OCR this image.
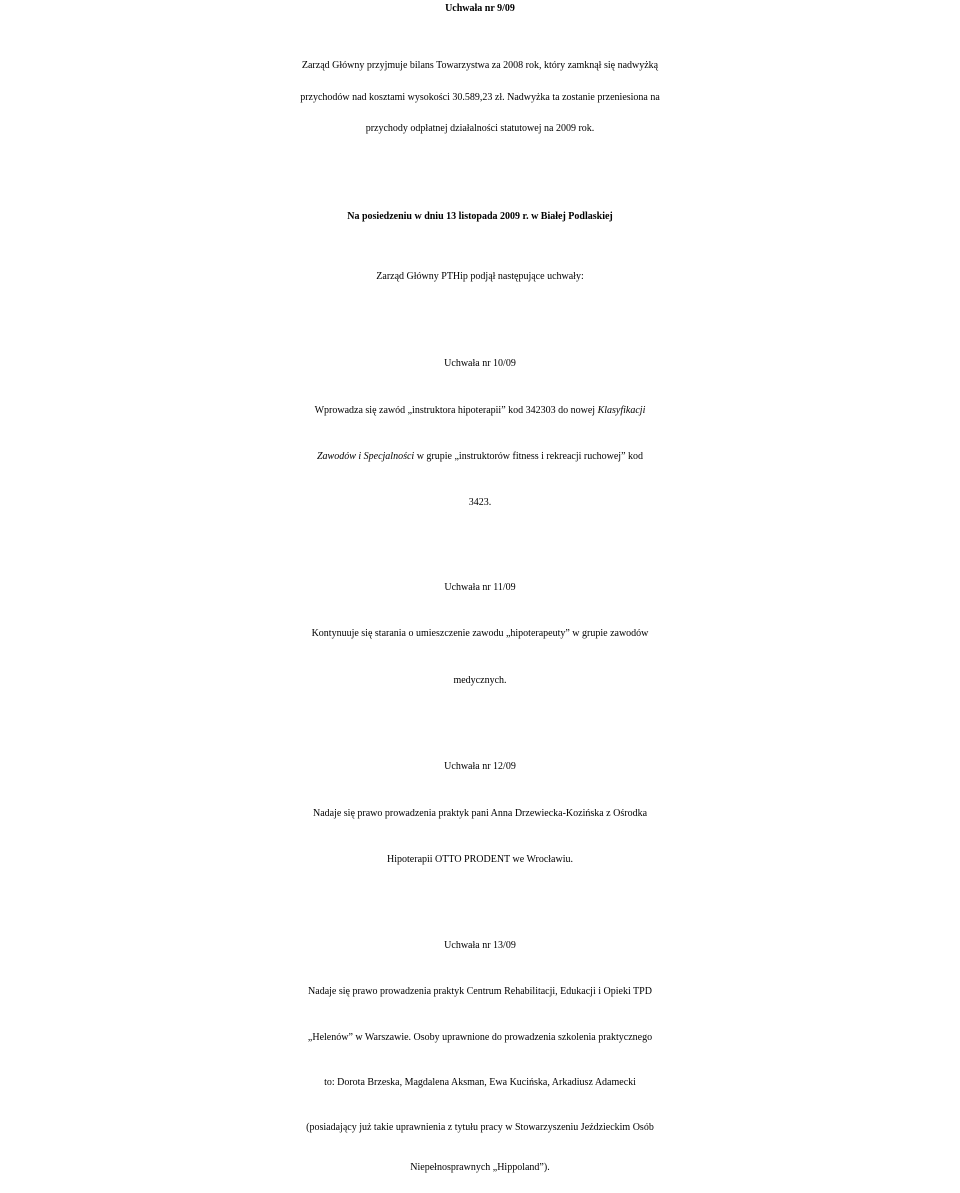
Uchwała nr 9/09
Zarząd Główny przyjmuje bilans Towarzystwa za 2008 rok, który zamknął się nadwyżką
przychodów nad kosztami wysokości 30.589,23 zł. Nadwyżka ta zostanie przeniesiona na
przychody odpłatnej działalności statutowej na 2009 rok.
Na posiedzeniu w dniu 13 listopada 2009 r. w Białej Podlaskiej
Zarząd Główny PTHip podjął następujące uchwały:
Uchwała nr 10/09
Wprowadza się zawód „instruktora hipoterapii” kod 342303 do nowej Klasyfikacji
Zawodów i Specjalności w grupie „instruktorów fitness i rekreacji ruchowej” kod
3423.
Uchwała nr 11/09
Kontynuuje się starania o umieszczenie zawodu „hipoterapeuty” w grupie zawodów
medycznych.
Uchwała nr 12/09
Nadaje się prawo prowadzenia praktyk pani Anna Drzewiecka-Kozińska z Ośrodka
Hipoterapii OTTO PRODENT we Wrocławiu.
Uchwała nr 13/09
Nadaje się prawo prowadzenia praktyk Centrum Rehabilitacji, Edukacji i Opieki TPD
„Helenów” w Warszawie. Osoby uprawnione do prowadzenia szkolenia praktycznego
to: Dorota Brzeska, Magdalena Aksman, Ewa Kucińska, Arkadiusz Adamecki
(posiadający już takie uprawnienia z tytułu pracy w Stowarzyszeniu Jeździeckim Osób
Niepełnosprawnych „Hippoland”).
